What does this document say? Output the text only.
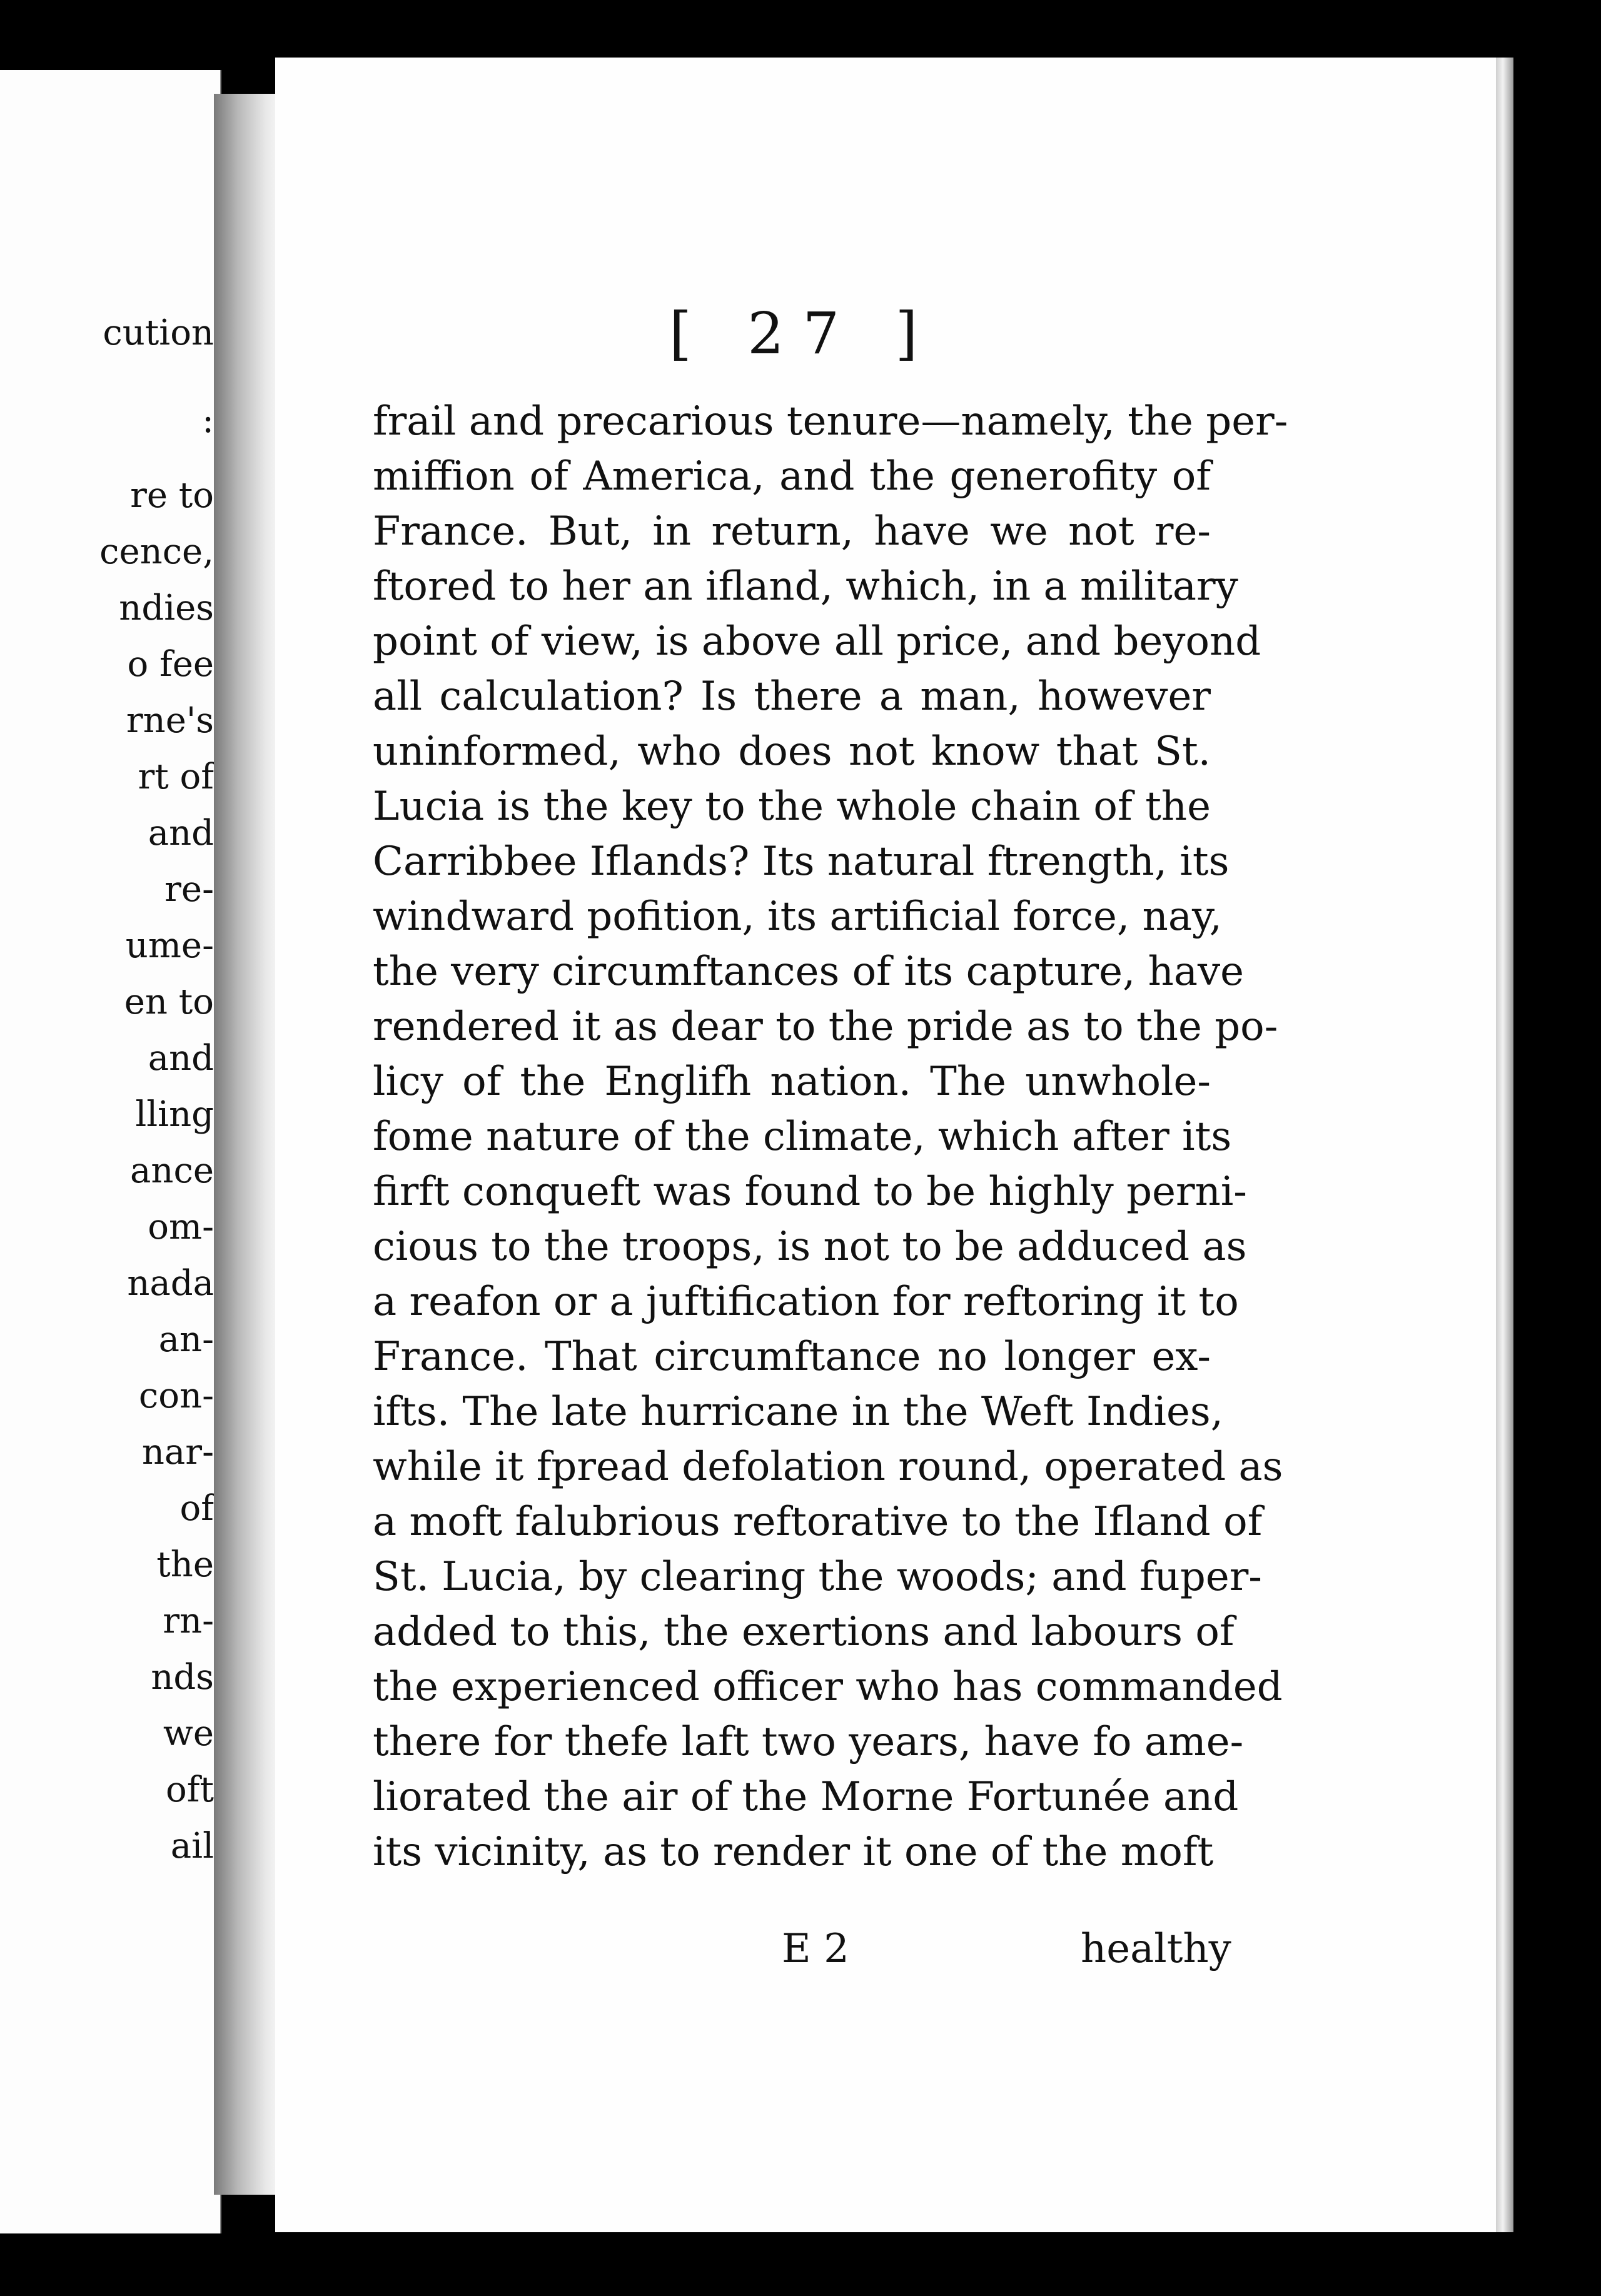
cution
:
re to
cence,
ndies
o fee
rne's
rt of
and
re-
ume-
en to
and
lling
ance
om-
nada
an-
con-
nar-
of
the
rn-
nds
we
oft
ail
[ 27 ]
frail and precarious tenure—namely, the per-
miffion of America, and the generofity of
France. But, in return, have we not re-
ftored to her an ifland, which, in a military
point of view, is above all price, and beyond
all calculation? Is there a man, however
uninformed, who does not know that St.
Lucia is the key to the whole chain of the
Carribbee Iflands? Its natural ftrength, its
windward pofition, its artificial force, nay,
the very circumftances of its capture, have
rendered it as dear to the pride as to the po-
licy of the Englifh nation. The unwhole-
fome nature of the climate, which after its
firft conqueft was found to be highly perni-
cious to the troops, is not to be adduced as
a reafon or a juftification for reftoring it to
France. That circumftance no longer ex-
ifts. The late hurricane in the Weft Indies,
while it fpread defolation round, operated as
a moft falubrious reftorative to the Ifland of
St. Lucia, by clearing the woods; and fuper-
added to this, the exertions and labours of
the experienced officer who has commanded
there for thefe laft two years, have fo ame-
liorated the air of the Morne Fortunée and
its vicinity, as to render it one of the moft
E 2	healthy
